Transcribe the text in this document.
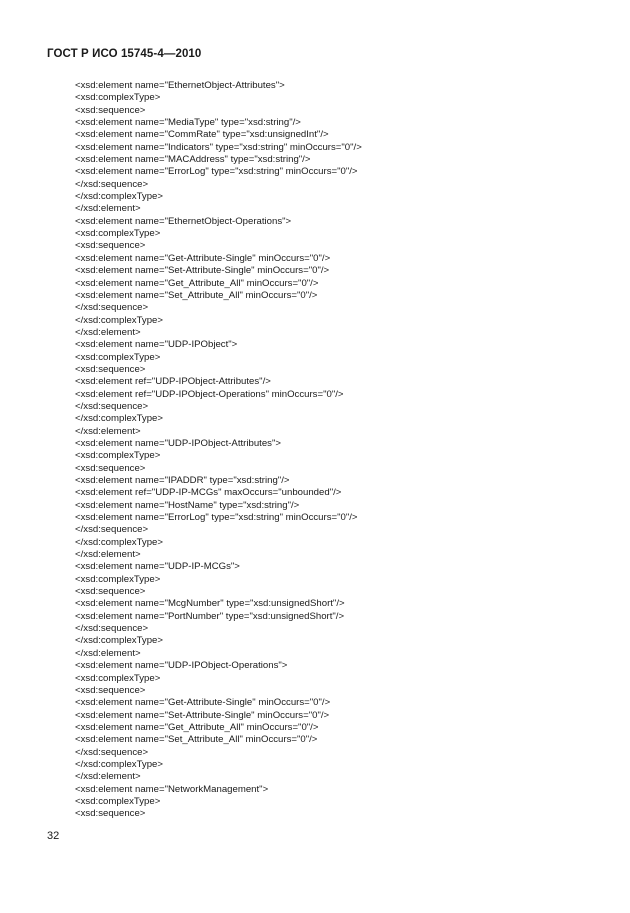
ГОСТ Р ИСО 15745-4—2010
<xsd:element name="EthernetObject-Attributes">
<xsd:complexType>
<xsd:sequence>
<xsd:element name="MediaType" type="xsd:string"/>
<xsd:element name="CommRate" type="xsd:unsignedInt"/>
<xsd:element name="Indicators" type="xsd:string" minOccurs="0"/>
<xsd:element name="MACAddress" type="xsd:string"/>
<xsd:element name="ErrorLog" type="xsd:string" minOccurs="0"/>
</xsd:sequence>
</xsd:complexType>
</xsd:element>
<xsd:element name="EthernetObject-Operations">
<xsd:complexType>
<xsd:sequence>
<xsd:element name="Get-Attribute-Single" minOccurs="0"/>
<xsd:element name="Set-Attribute-Single" minOccurs="0"/>
<xsd:element name="Get_Attribute_All" minOccurs="0"/>
<xsd:element name="Set_Attribute_All" minOccurs="0"/>
</xsd:sequence>
</xsd:complexType>
</xsd:element>
<xsd:element name="UDP-IPObject">
<xsd:complexType>
<xsd:sequence>
<xsd:element ref="UDP-IPObject-Attributes"/>
<xsd:element ref="UDP-IPObject-Operations" minOccurs="0"/>
</xsd:sequence>
</xsd:complexType>
</xsd:element>
<xsd:element name="UDP-IPObject-Attributes">
<xsd:complexType>
<xsd:sequence>
<xsd:element name="IPADDR" type="xsd:string"/>
<xsd:element ref="UDP-IP-MCGs" maxOccurs="unbounded"/>
<xsd:element name="HostName" type="xsd:string"/>
<xsd:element name="ErrorLog" type="xsd:string" minOccurs="0"/>
</xsd:sequence>
</xsd:complexType>
</xsd:element>
<xsd:element name="UDP-IP-MCGs">
<xsd:complexType>
<xsd:sequence>
<xsd:element name="McgNumber" type="xsd:unsignedShort"/>
<xsd:element name="PortNumber" type="xsd:unsignedShort"/>
</xsd:sequence>
</xsd:complexType>
</xsd:element>
<xsd:element name="UDP-IPObject-Operations">
<xsd:complexType>
<xsd:sequence>
<xsd:element name="Get-Attribute-Single" minOccurs="0"/>
<xsd:element name="Set-Attribute-Single" minOccurs="0"/>
<xsd:element name="Get_Attribute_All" minOccurs="0"/>
<xsd:element name="Set_Attribute_All" minOccurs="0"/>
</xsd:sequence>
</xsd:complexType>
</xsd:element>
<xsd:element name="NetworkManagement">
<xsd:complexType>
<xsd:sequence>
32
